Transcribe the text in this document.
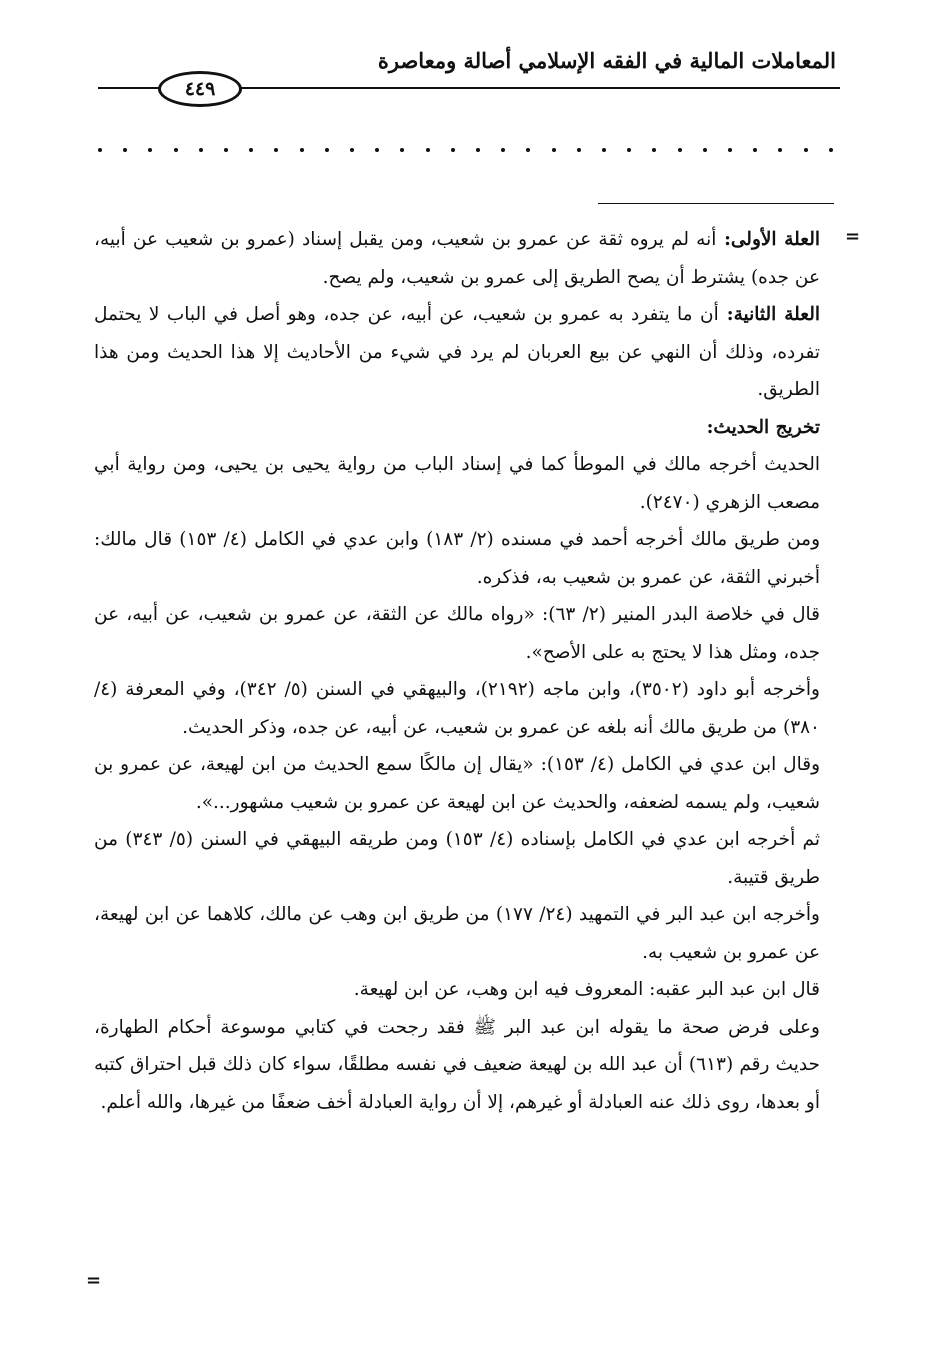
المعاملات المالية في الفقه الإسلامي أصالة ومعاصرة
٤٤٩
=
=

العلة الأولى: أنه لم يروه ثقة عن عمرو بن شعيب، ومن يقبل إسناد (عمرو بن شعيب عن أبيه، عن جده) يشترط أن يصح الطريق إلى عمرو بن شعيب، ولم يصح.

العلة الثانية: أن ما يتفرد به عمرو بن شعيب، عن أبيه، عن جده، وهو أصل في الباب لا يحتمل تفرده، وذلك أن النهي عن بيع العربان لم يرد في شيء من الأحاديث إلا هذا الحديث ومن هذا الطريق.

تخريج الحديث:

الحديث أخرجه مالك في الموطأ كما في إسناد الباب من رواية يحيى بن يحيى، ومن رواية أبي مصعب الزهري (٢٤٧٠).

ومن طريق مالك أخرجه أحمد في مسنده (٢/ ١٨٣) وابن عدي في الكامل (٤/ ١٥٣) قال مالك: أخبرني الثقة، عن عمرو بن شعيب به، فذكره.

قال في خلاصة البدر المنير (٢/ ٦٣): «رواه مالك عن الثقة، عن عمرو بن شعيب، عن أبيه، عن جده، ومثل هذا لا يحتج به على الأصح».

وأخرجه أبو داود (٣٥٠٢)، وابن ماجه (٢١٩٢)، والبيهقي في السنن (٥/ ٣٤٢)، وفي المعرفة (٤/ ٣٨٠) من طريق مالك أنه بلغه عن عمرو بن شعيب، عن أبيه، عن جده، وذكر الحديث.

وقال ابن عدي في الكامل (٤/ ١٥٣): «يقال إن مالكًا سمع الحديث من ابن لهيعة، عن عمرو بن شعيب، ولم يسمه لضعفه، والحديث عن ابن لهيعة عن عمرو بن شعيب مشهور...».

ثم أخرجه ابن عدي في الكامل بإسناده (٤/ ١٥٣) ومن طريقه البيهقي في السنن (٥/ ٣٤٣) من طريق قتيبة.

وأخرجه ابن عبد البر في التمهيد (٢٤/ ١٧٧) من طريق ابن وهب عن مالك، كلاهما عن ابن لهيعة، عن عمرو بن شعيب به.

قال ابن عبد البر عقبه: المعروف فيه ابن وهب، عن ابن لهيعة.

وعلى فرض صحة ما يقوله ابن عبد البر ﷺ فقد رجحت في كتابي موسوعة أحكام الطهارة، حديث رقم (٦١٣) أن عبد الله بن لهيعة ضعيف في نفسه مطلقًا، سواء كان ذلك قبل احتراق كتبه أو بعدها، روى ذلك عنه العبادلة أو غيرهم، إلا أن رواية العبادلة أخف ضعفًا من غيرها، والله أعلم.
